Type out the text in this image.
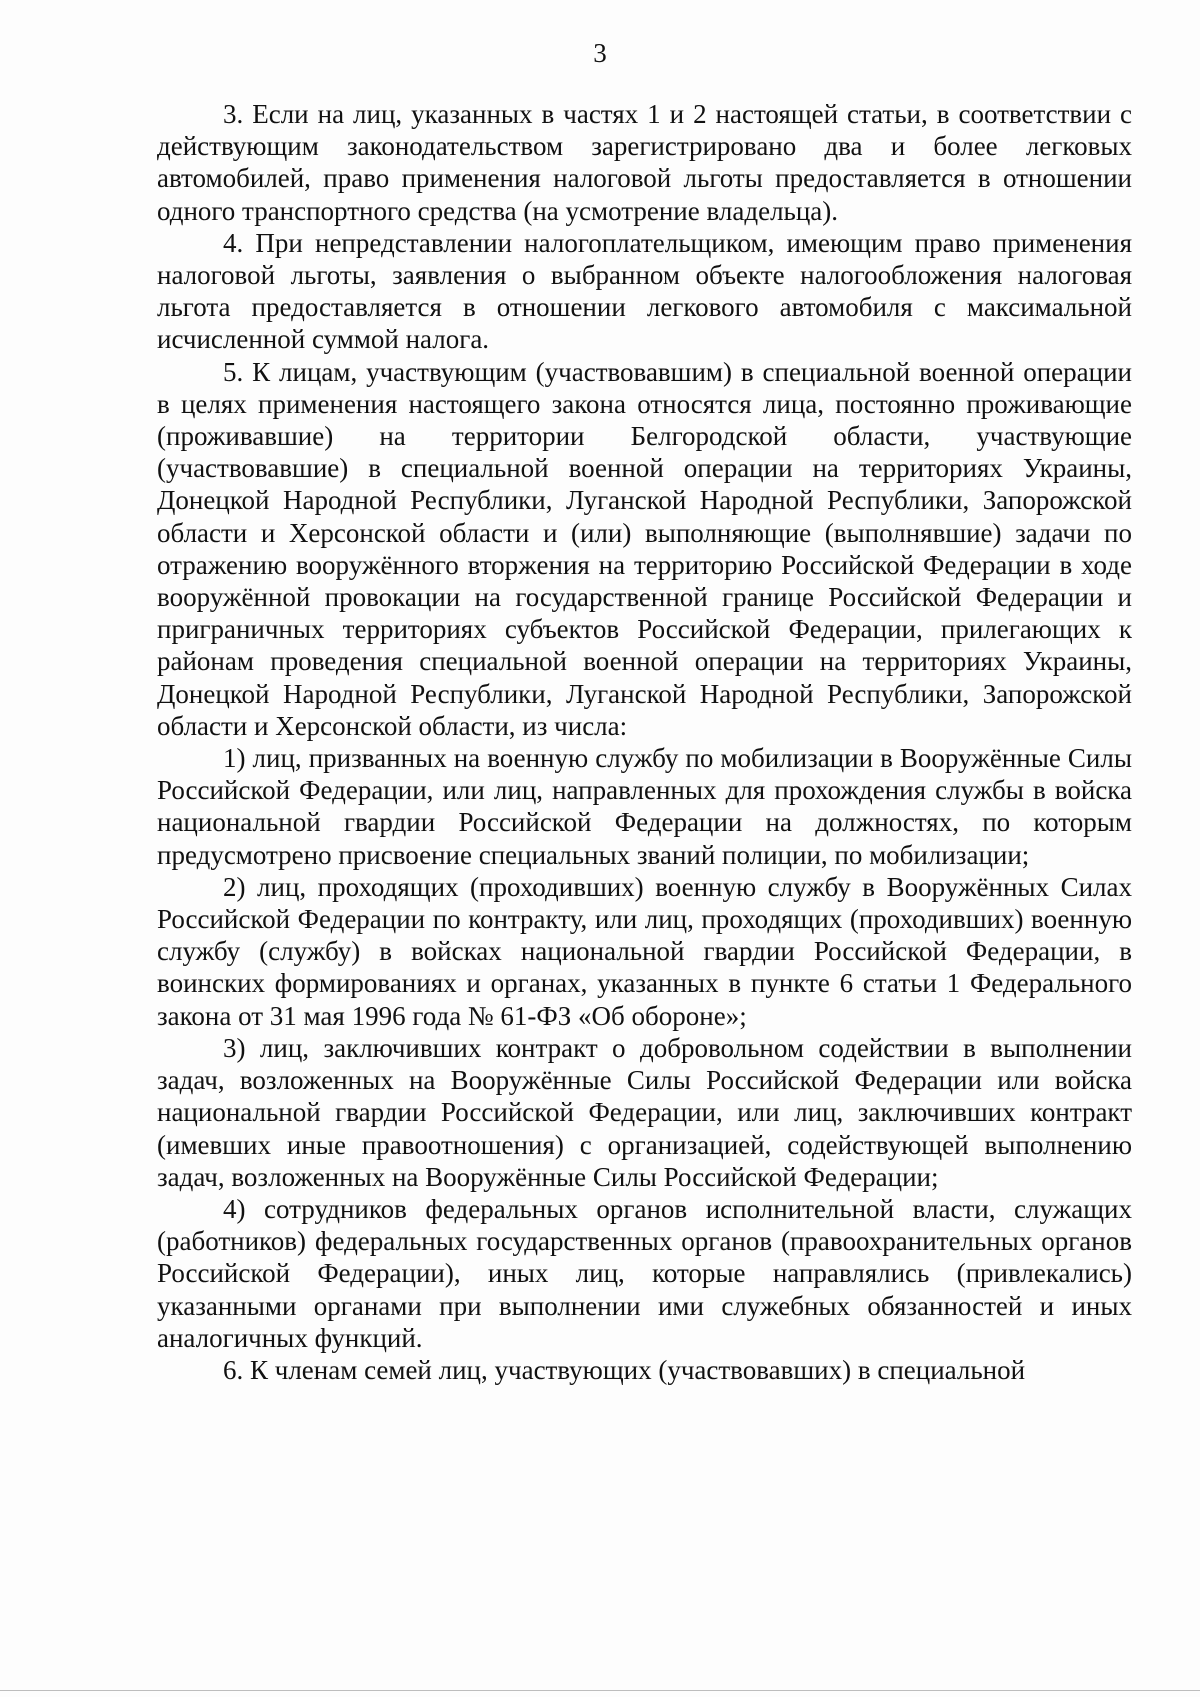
3

3. Если на лиц, указанных в частях 1 и 2 настоящей статьи, в соответствии с действующим законодательством зарегистрировано два и более легковых автомобилей, право применения налоговой льготы предоставляется в отношении одного транспортного средства (на усмотрение владельца).

4. При непредставлении налогоплательщиком, имеющим право применения налоговой льготы, заявления о выбранном объекте налогообложения налоговая льгота предоставляется в отношении легкового автомобиля с максимальной исчисленной суммой налога.

5. К лицам, участвующим (участвовавшим) в специальной военной операции в целях применения настоящего закона относятся лица, постоянно проживающие (проживавшие) на территории Белгородской области, участвующие (участвовавшие) в специальной военной операции на территориях Украины, Донецкой Народной Республики, Луганской Народной Республики, Запорожской области и Херсонской области и (или) выполняющие (выполнявшие) задачи по отражению вооружённого вторжения на территорию Российской Федерации в ходе вооружённой провокации на государственной границе Российской Федерации и приграничных территориях субъектов Российской Федерации, прилегающих к районам проведения специальной военной операции на территориях Украины, Донецкой Народной Республики, Луганской Народной Республики, Запорожской области и Херсонской области, из числа:

1) лиц, призванных на военную службу по мобилизации в Вооружённые Силы Российской Федерации, или лиц, направленных для прохождения службы в войска национальной гвардии Российской Федерации на должностях, по которым предусмотрено присвоение специальных званий полиции, по мобилизации;

2) лиц, проходящих (проходивших) военную службу в Вооружённых Силах Российской Федерации по контракту, или лиц, проходящих (проходивших) военную службу (службу) в войсках национальной гвардии Российской Федерации, в воинских формированиях и органах, указанных в пункте 6 статьи 1 Федерального закона от 31 мая 1996 года № 61-ФЗ «Об обороне»;

3) лиц, заключивших контракт о добровольном содействии в выполнении задач, возложенных на Вооружённые Силы Российской Федерации или войска национальной гвардии Российской Федерации, или лиц, заключивших контракт (имевших иные правоотношения) с организацией, содействующей выполнению задач, возложенных на Вооружённые Силы Российской Федерации;

4) сотрудников федеральных органов исполнительной власти, служащих (работников) федеральных государственных органов (правоохранительных органов Российской Федерации), иных лиц, которые направлялись (привлекались) указанными органами при выполнении ими служебных обязанностей и иных аналогичных функций.

6. К членам семей лиц, участвующих (участвовавших) в специальной
